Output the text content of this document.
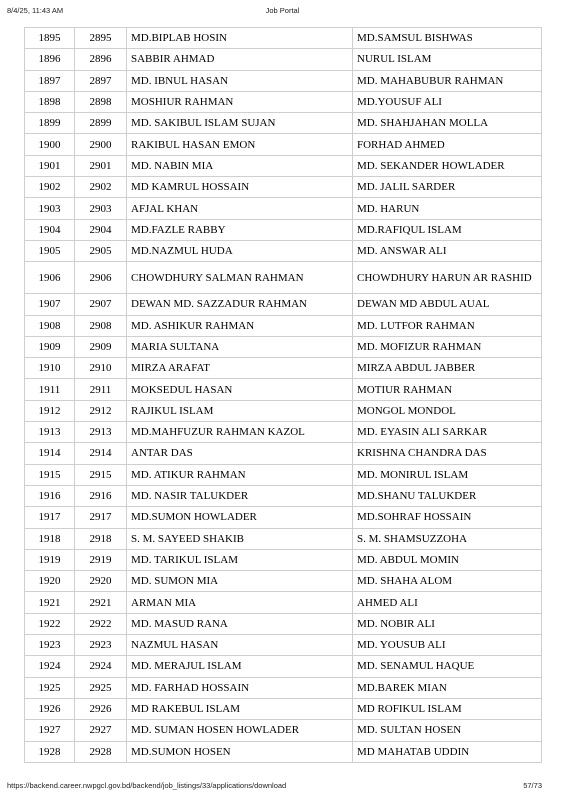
8/4/25, 11:43 AM	Job Portal
1895	2895	MD.BIPLAB HOSIN	MD.SAMSUL BISHWAS
1896	2896	SABBIR AHMAD	NURUL ISLAM
1897	2897	MD. IBNUL HASAN	MD. MAHABUBUR RAHMAN
1898	2898	MOSHIUR RAHMAN	MD.YOUSUF ALI
1899	2899	MD. SAKIBUL ISLAM SUJAN	MD. SHAHJAHAN MOLLA
1900	2900	RAKIBUL HASAN EMON	FORHAD AHMED
1901	2901	MD. NABIN MIA	MD. SEKANDER HOWLADER
1902	2902	MD KAMRUL HOSSAIN	MD. JALIL SARDER
1903	2903	AFJAL KHAN	MD. HARUN
1904	2904	MD.FAZLE RABBY	MD.RAFIQUL ISLAM
1905	2905	MD.NAZMUL HUDA	MD. ANSWAR ALI
1906	2906	CHOWDHURY SALMAN RAHMAN	CHOWDHURY HARUN AR RASHID
1907	2907	DEWAN MD. SAZZADUR RAHMAN	DEWAN MD ABDUL AUAL
1908	2908	MD. ASHIKUR RAHMAN	MD. LUTFOR RAHMAN
1909	2909	MARIA SULTANA	MD. MOFIZUR RAHMAN
1910	2910	MIRZA ARAFAT	MIRZA ABDUL JABBER
1911	2911	MOKSEDUL HASAN	MOTIUR RAHMAN
1912	2912	RAJIKUL ISLAM	MONGOL MONDOL
1913	2913	MD.MAHFUZUR RAHMAN KAZOL	MD. EYASIN ALI SARKAR
1914	2914	ANTAR DAS	KRISHNA CHANDRA DAS
1915	2915	MD. ATIKUR RAHMAN	MD. MONIRUL ISLAM
1916	2916	MD. NASIR TALUKDER	MD.SHANU TALUKDER
1917	2917	MD.SUMON HOWLADER	MD.SOHRAF HOSSAIN
1918	2918	S. M. SAYEED SHAKIB	S. M. SHAMSUZZOHA
1919	2919	MD. TARIKUL ISLAM	MD. ABDUL MOMIN
1920	2920	MD. SUMON MIA	MD. SHAHA ALOM
1921	2921	ARMAN MIA	AHMED ALI
1922	2922	MD. MASUD RANA	MD. NOBIR ALI
1923	2923	NAZMUL HASAN	MD. YOUSUB ALI
1924	2924	MD. MERAJUL ISLAM	MD. SENAMUL HAQUE
1925	2925	MD. FARHAD HOSSAIN	MD.BAREK MIAN
1926	2926	MD RAKEBUL ISLAM	MD ROFIKUL ISLAM
1927	2927	MD. SUMAN HOSEN HOWLADER	MD. SULTAN HOSEN
1928	2928	MD.SUMON HOSEN	MD MAHATAB UDDIN
https://backend.career.nwpgcl.gov.bd/backend/job_listings/33/applications/download	57/73
